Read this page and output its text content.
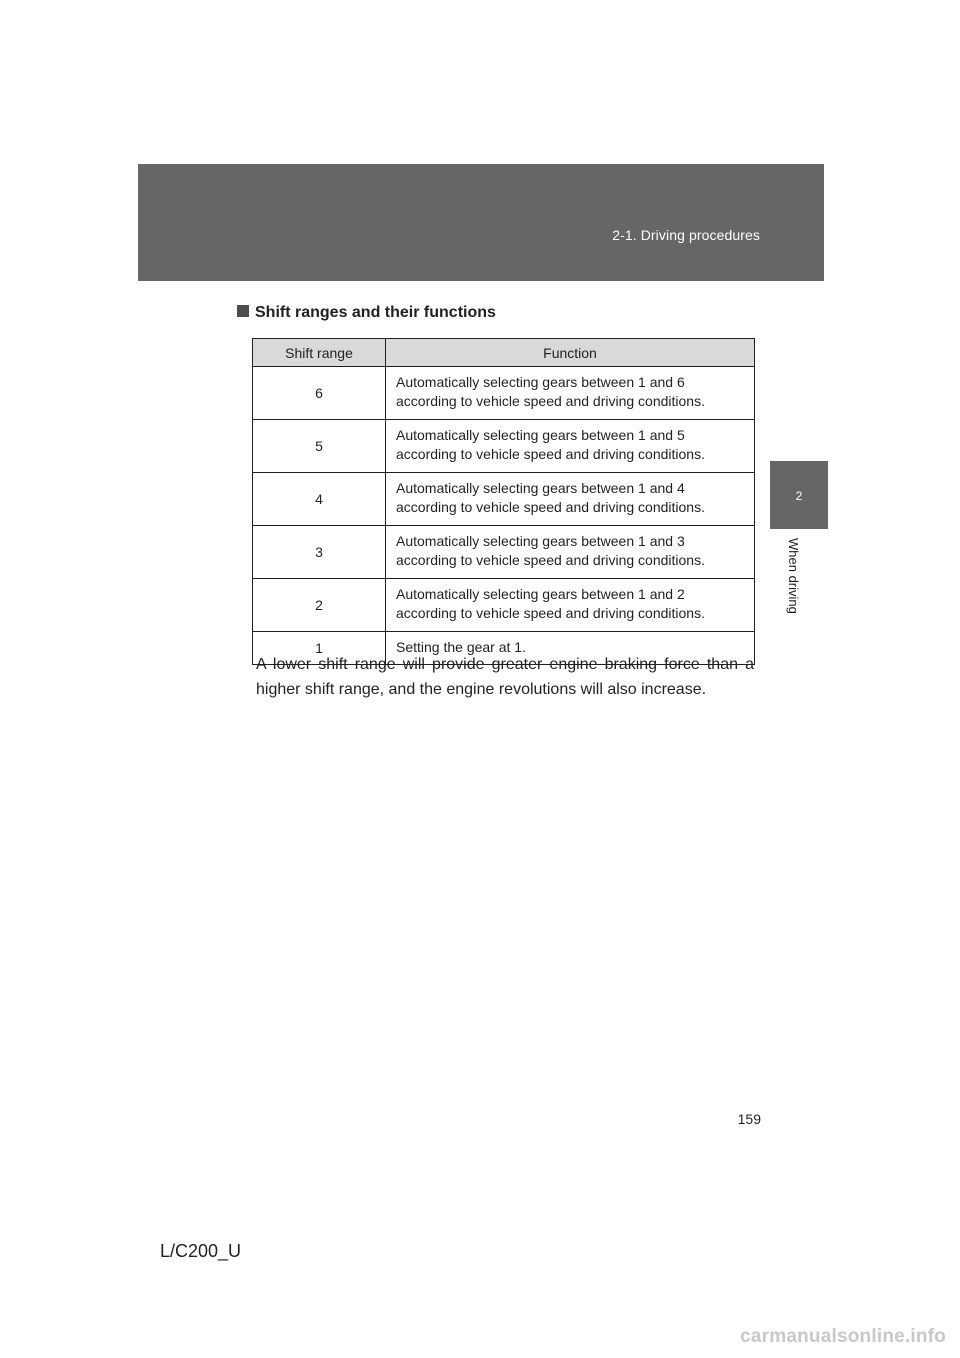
2-1. Driving procedures
2
When driving
Shift ranges and their functions
Shift range	Function
6	Automatically selecting gears between 1 and 6 according to vehicle speed and driving conditions.
5	Automatically selecting gears between 1 and 5 according to vehicle speed and driving conditions.
4	Automatically selecting gears between 1 and 4 according to vehicle speed and driving conditions.
3	Automatically selecting gears between 1 and 3 according to vehicle speed and driving conditions.
2	Automatically selecting gears between 1 and 2 according to vehicle speed and driving conditions.
1	Setting the gear at 1.

A lower shift range will provide greater engine braking force than a higher shift range, and the engine revolutions will also increase.

159
L/C200_U
carmanualsonline.info
